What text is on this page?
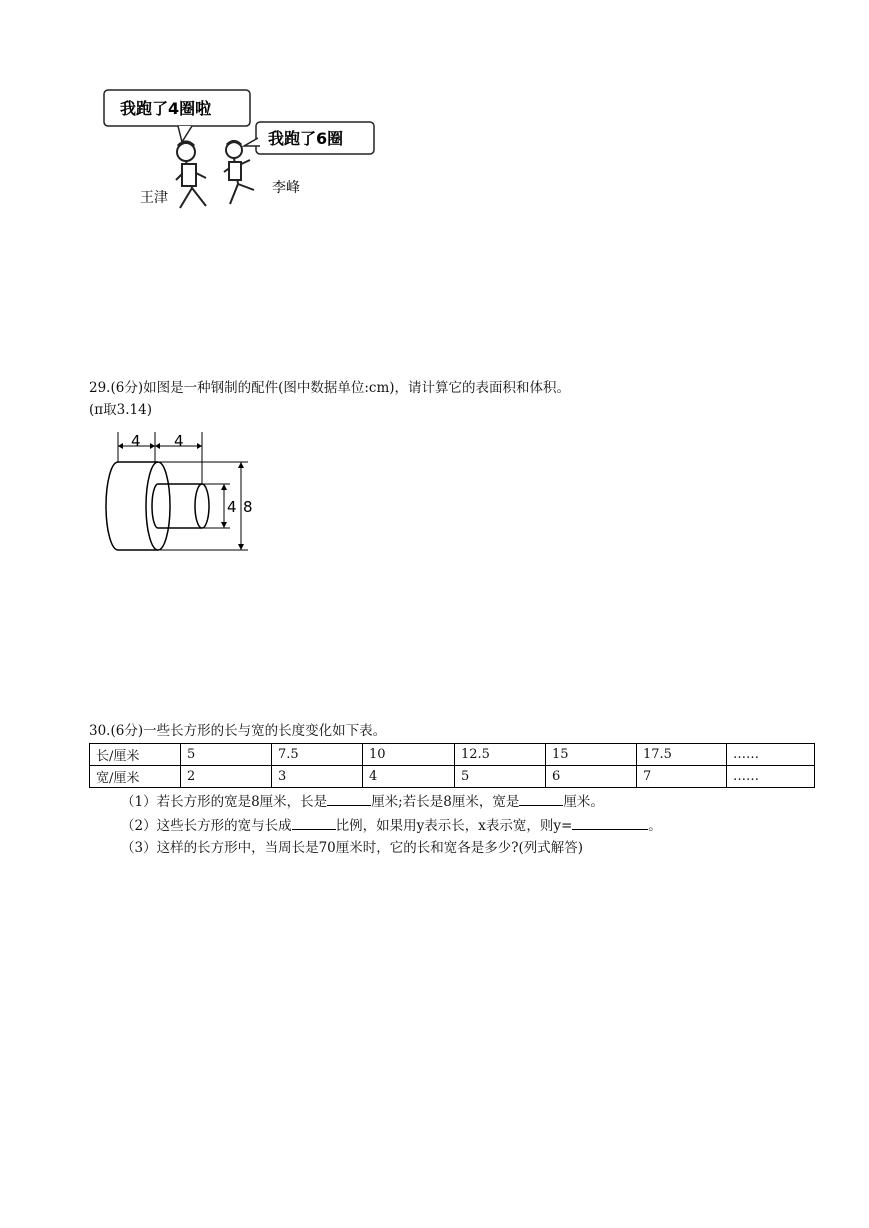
我跑了4圈啦
我跑了6圈
王津
李峰
29.(6分)如图是一种钢制的配件(图中数据单位:cm)，请计算它的表面积和体积。
(π取3.14)
4 4
4 8
30.(6分)一些长方形的长与宽的长度变化如下表。
长/厘米	5	7.5	10	12.5	15	17.5	……
宽/厘米	2	3	4	5	6	7	……
（1）若长方形的宽是8厘米，长是	厘米;若长是8厘米，宽是	厘米。
（2）这些长方形的宽与长成	比例，如果用y表示长，x表示宽，则y=	。
（3）这样的长方形中，当周长是70厘米时，它的长和宽各是多少?(列式解答)
